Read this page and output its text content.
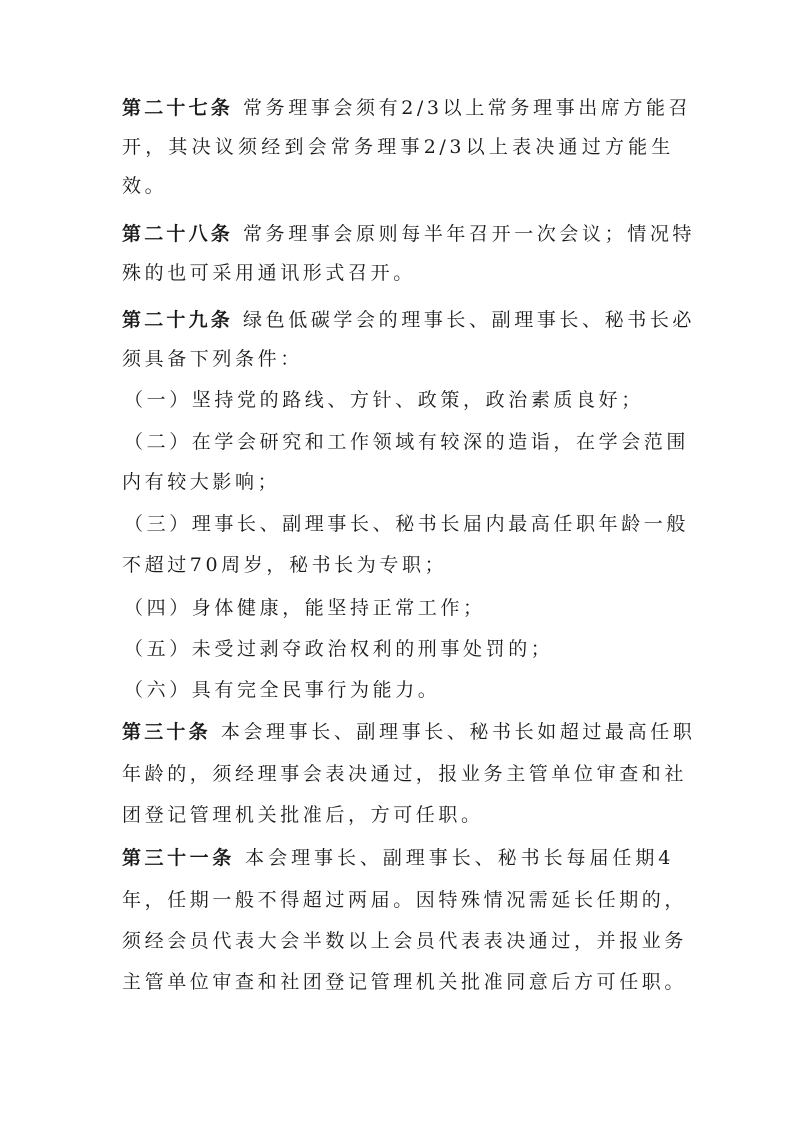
第二十七条 常务理事会须有2/3以上常务理事出席方能召
开，其决议须经到会常务理事2/3以上表决通过方能生
效。
第二十八条 常务理事会原则每半年召开一次会议；情况特
殊的也可采用通讯形式召开。
第二十九条 绿色低碳学会的理事长、副理事长、秘书长必
须具备下列条件：
（一）坚持党的路线、方针、政策，政治素质良好；
（二）在学会研究和工作领域有较深的造诣，在学会范围
内有较大影响；
（三）理事长、副理事长、秘书长届内最高任职年龄一般
不超过70周岁，秘书长为专职；
（四）身体健康，能坚持正常工作；
（五）未受过剥夺政治权利的刑事处罚的；
（六）具有完全民事行为能力。
第三十条 本会理事长、副理事长、秘书长如超过最高任职
年龄的，须经理事会表决通过，报业务主管单位审查和社
团登记管理机关批准后，方可任职。
第三十一条 本会理事长、副理事长、秘书长每届任期4
年，任期一般不得超过两届。因特殊情况需延长任期的，
须经会员代表大会半数以上会员代表表决通过，并报业务
主管单位审查和社团登记管理机关批准同意后方可任职。
